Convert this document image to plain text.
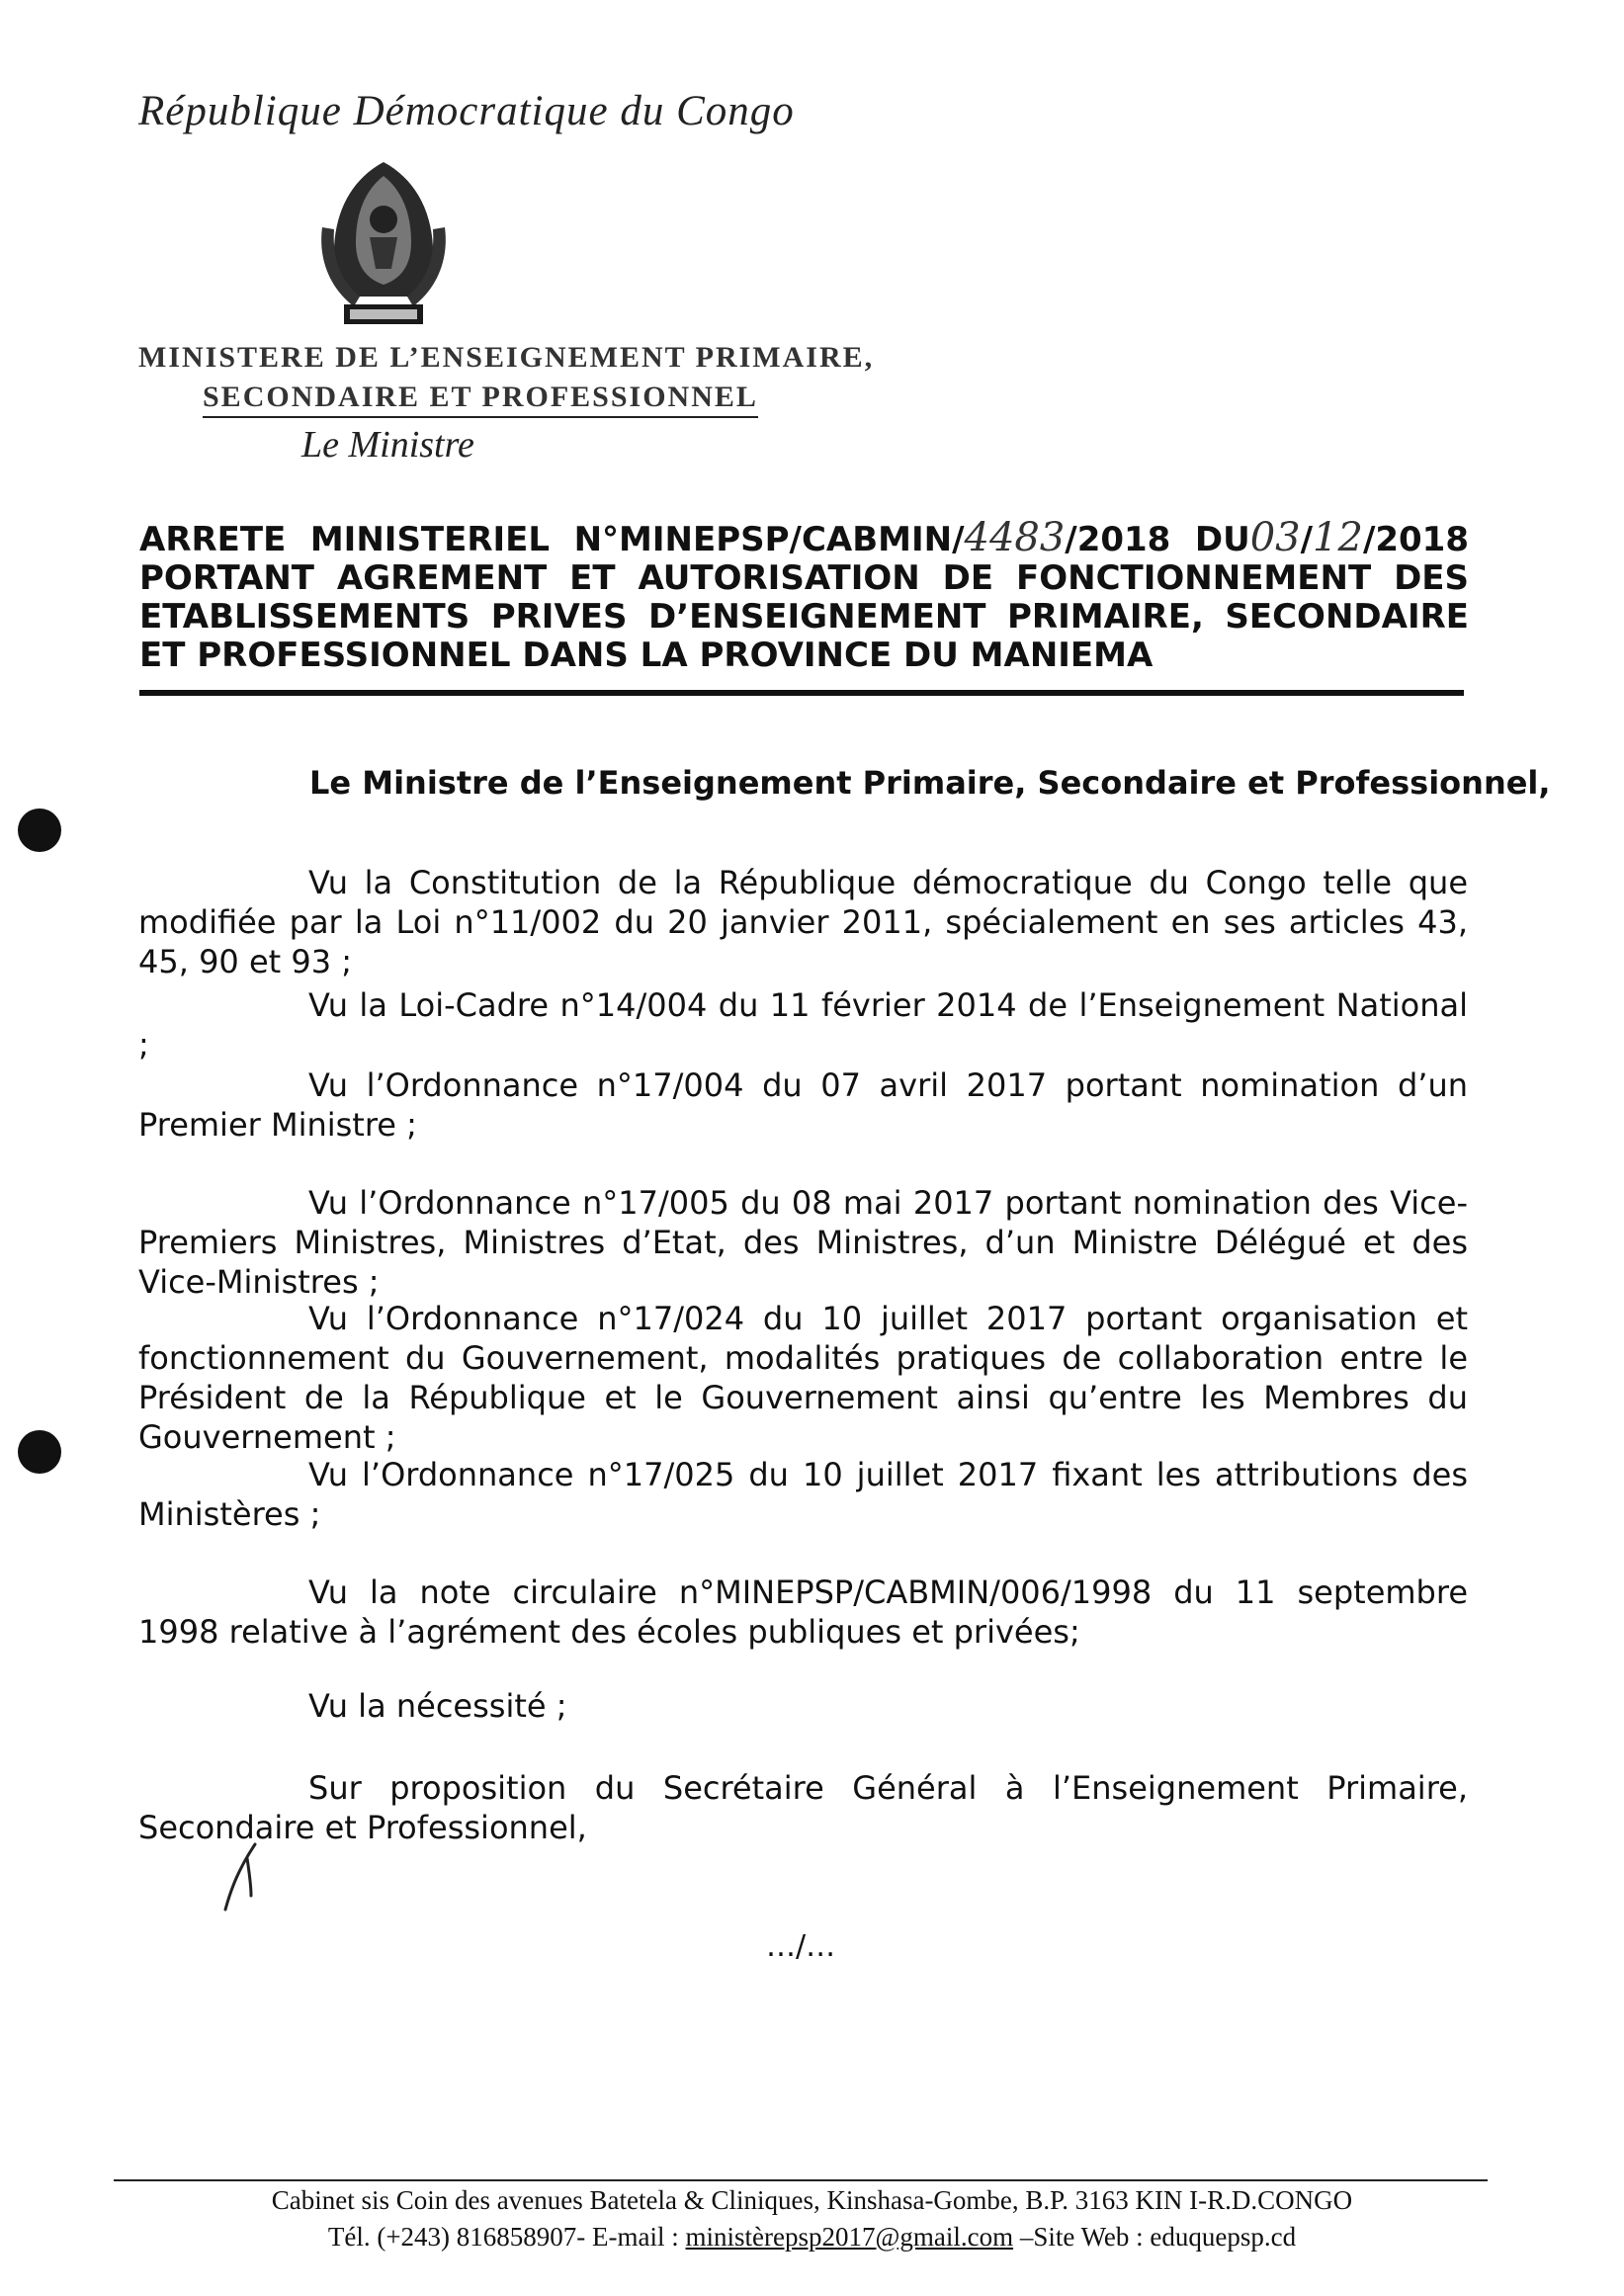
République Démocratique du Congo
MINISTERE DE L’ENSEIGNEMENT PRIMAIRE,
SECONDAIRE ET PROFESSIONNEL
Le Ministre
ARRETE MINISTERIEL N°MINEPSP/CABMIN/4483/2018 DU03/12/2018 PORTANT AGREMENT ET AUTORISATION DE FONCTIONNEMENT DES ETABLISSEMENTS PRIVES D’ENSEIGNEMENT PRIMAIRE, SECONDAIRE ET PROFESSIONNEL DANS LA PROVINCE DU MANIEMA
Le Ministre de l’Enseignement Primaire, Secondaire et Professionnel,
Vu la Constitution de la République démocratique du Congo telle que modifiée par la Loi n°11/002 du 20 janvier 2011, spécialement en ses articles 43, 45, 90 et 93 ;
Vu la Loi-Cadre n°14/004 du 11 février 2014 de l’Enseignement National ;
Vu l’Ordonnance n°17/004 du 07 avril 2017 portant nomination d’un Premier Ministre ;
Vu l’Ordonnance n°17/005 du 08 mai 2017 portant nomination des Vice-Premiers Ministres, Ministres d’Etat, des Ministres, d’un Ministre Délégué et des Vice-Ministres ;
Vu l’Ordonnance n°17/024 du 10 juillet 2017 portant organisation et fonctionnement du Gouvernement, modalités pratiques de collaboration entre le Président de la République et le Gouvernement ainsi qu’entre les Membres du Gouvernement ;
Vu l’Ordonnance n°17/025 du 10 juillet 2017 fixant les attributions des Ministères ;
Vu la note circulaire n°MINEPSP/CABMIN/006/1998 du 11 septembre 1998 relative à l’agrément des écoles publiques et privées;
Vu la nécessité ;
Sur proposition du Secrétaire Général à l’Enseignement Primaire, Secondaire et Professionnel,
…/…
Cabinet sis Coin des avenues Batetela & Cliniques, Kinshasa-Gombe, B.P. 3163 KIN I-R.D.CONGO
Tél. (+243) 816858907- E-mail : ministèrepsp2017@gmail.com –Site Web : eduquepsp.cd
